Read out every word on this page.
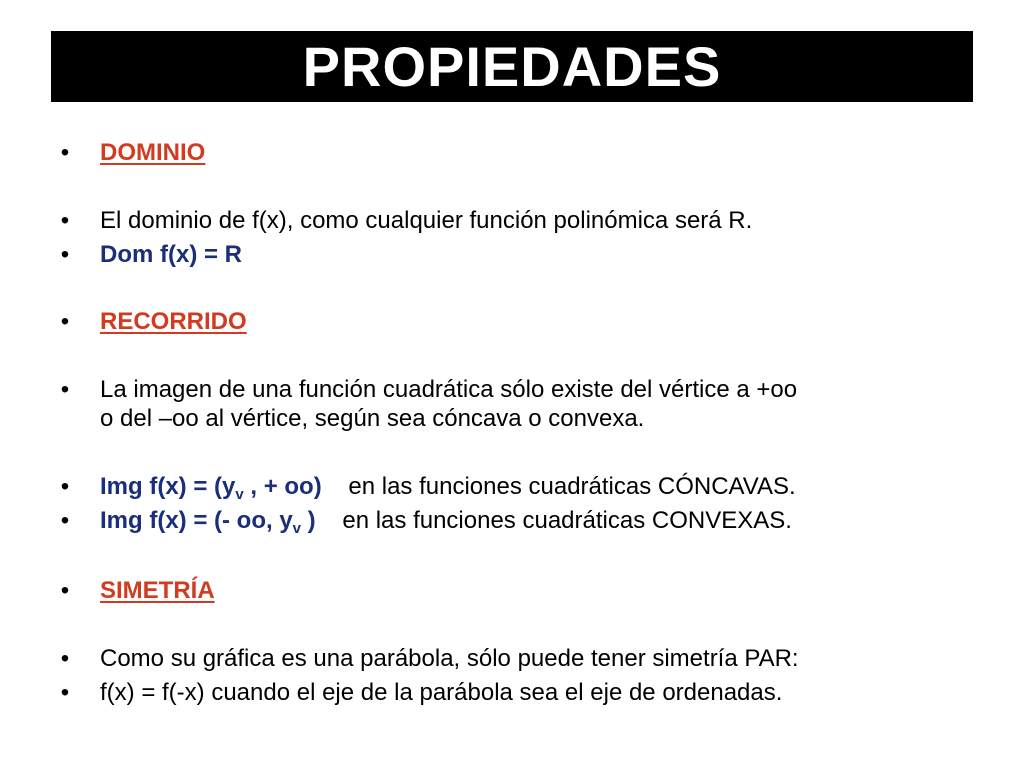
PROPIEDADES
• DOMINIO
• El dominio de f(x), como cualquier función polinómica será R.
• Dom f(x) = R
• RECORRIDO
• La imagen de una función cuadrática sólo existe del vértice a +oo
o del –oo al vértice, según sea cóncava o convexa.
• Img $f(x) = (y_v$ , + oo) en las funciones cuadráticas CÓNCAVAS.
• Img f(x) = (- oo, $y_v$ ) en las funciones cuadráticas CONVEXAS.
• SIMETRÍA
• Como su gráfica es una parábola, sólo puede tener simetría PAR:
• f(x) = f(-x) cuando el eje de la parábola sea el eje de ordenadas.
